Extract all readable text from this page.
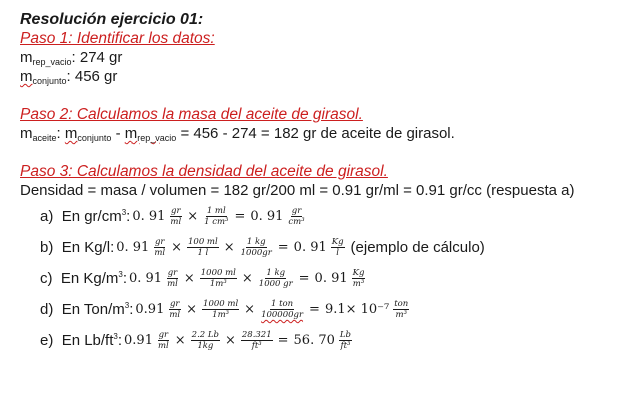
Resolución ejercicio 01:
Paso 1: Identificar los datos:
$m_{rep\_vacio}$: 274 gr
$m_{conjunto}$: 456 gr
Paso 2: Calculamos la masa del aceite de girasol.
$m_{aceite}$: $m_{conjunto} - m_{rep\_vacio} = 456 - 274 = 182$ gr de aceite de girasol.
Paso 3: Calculamos la densidad del aceite de girasol.
Densidad = masa / volumen = 182 gr/200 ml = 0.91 gr/ml = 0.91 gr/cc (respuesta a)
a)
En $gr/cm^3$: 0. $91 \frac{gr}{ml} \times \frac{1 ml}{\text{1 cm³}} = 0$. $91 \frac{gr}{\text{cm³}}$
b)
En Kg/l: 0. $91 \frac{gr}{ml} \times \frac{100 ml}{1 l} \times \frac{1 kg}{1000gr} = 0$. $91 \frac{Kg}{l}$ (ejemplo de cálculo)
c)
En $Kg/m^3$: 0. $91 \frac{gr}{ml} \times \frac{1000 ml}{\text{1m³}} \times \frac{1 kg}{1000 gr} = 0$. $91 \frac{Kg}{\text{m³}}$
d)
En Ton/$m^3$: $0.91 \frac{gr}{ml} \times \frac{1000 ml}{\text{1m³}} \times \frac{\text{1 ton}}{100000gr} = 9.1\times 10^{-7} \frac{\text{ton}}{\text{m³}}$
e)
En $Lb/ft^3$: $0.91 \frac{gr}{ml} \times \frac{2.2 Lb}{1kg} \times \frac{28.321}{\text{ft³}} = 56$. $70 \frac{Lb}{\text{ft³}}$
